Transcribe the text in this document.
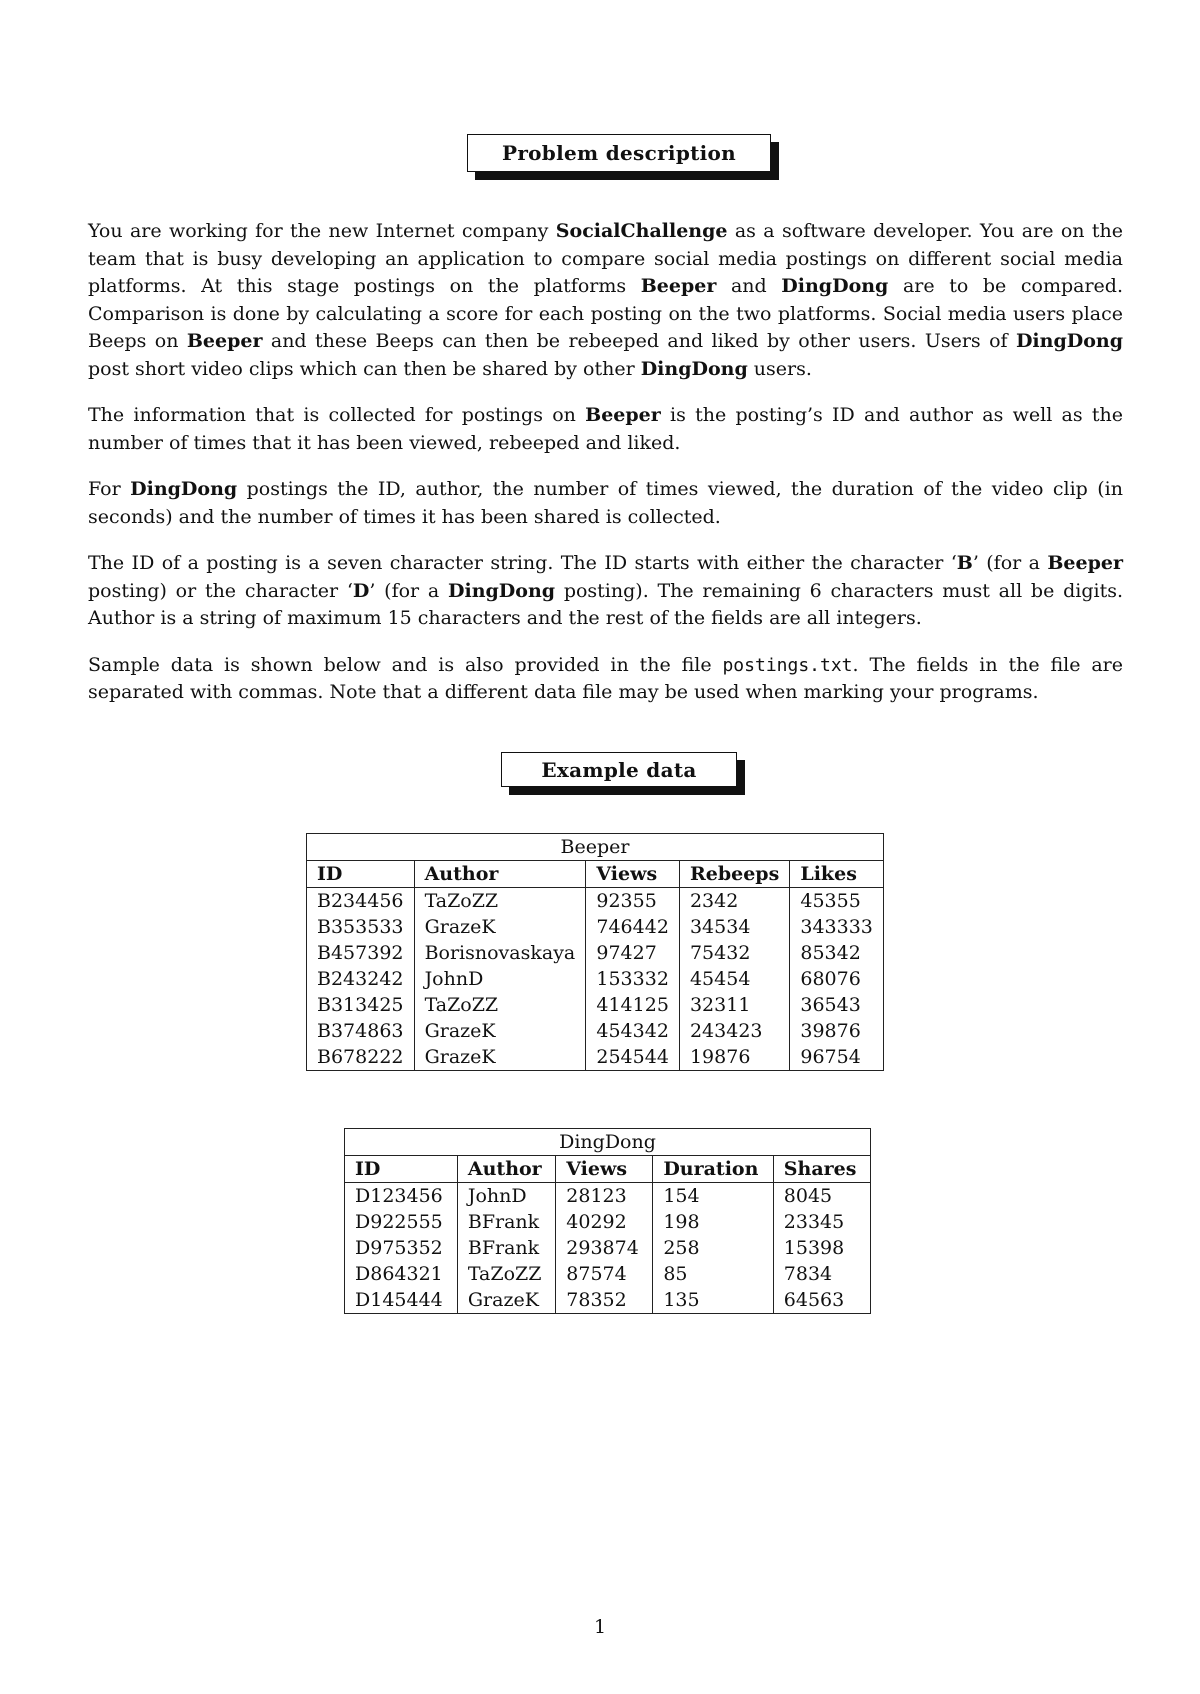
Problem description

You are working for the new Internet company SocialChallenge as a software developer. You are on the team that is busy developing an application to compare social media postings on different social media platforms. At this stage postings on the platforms Beeper and DingDong are to be compared. Comparison is done by calculating a score for each posting on the two platforms. Social media users place Beeps on Beeper and these Beeps can then be rebeeped and liked by other users. Users of DingDong post short video clips which can then be shared by other DingDong users.

The information that is collected for postings on Beeper is the posting’s ID and author as well as the number of times that it has been viewed, rebeeped and liked.

For DingDong postings the ID, author, the number of times viewed, the duration of the video clip (in seconds) and the number of times it has been shared is collected.

The ID of a posting is a seven character string. The ID starts with either the character ‘B’ (for a Beeper posting) or the character ‘D’ (for a DingDong posting). The remaining 6 characters must all be digits. Author is a string of maximum 15 characters and the rest of the fields are all integers.

Sample data is shown below and is also provided in the file postings.txt. The fields in the file are separated with commas. Note that a different data file may be used when marking your programs.

Example data
Beeper				
ID	Author	Views	Rebeeps	Likes
B234456	TaZoZZ	92355	2342	45355
B353533	GrazeK	746442	34534	343333
B457392	Borisnovaskaya	97427	75432	85342
B243242	JohnD	153332	45454	68076
B313425	TaZoZZ	414125	32311	36543
B374863	GrazeK	454342	243423	39876
B678222	GrazeK	254544	19876	96754
DingDong				
ID	Author	Views	Duration	Shares
D123456	JohnD	28123	154	8045
D922555	BFrank	40292	198	23345
D975352	BFrank	293874	258	15398
D864321	TaZoZZ	87574	85	7834
D145444	GrazeK	78352	135	64563
1
